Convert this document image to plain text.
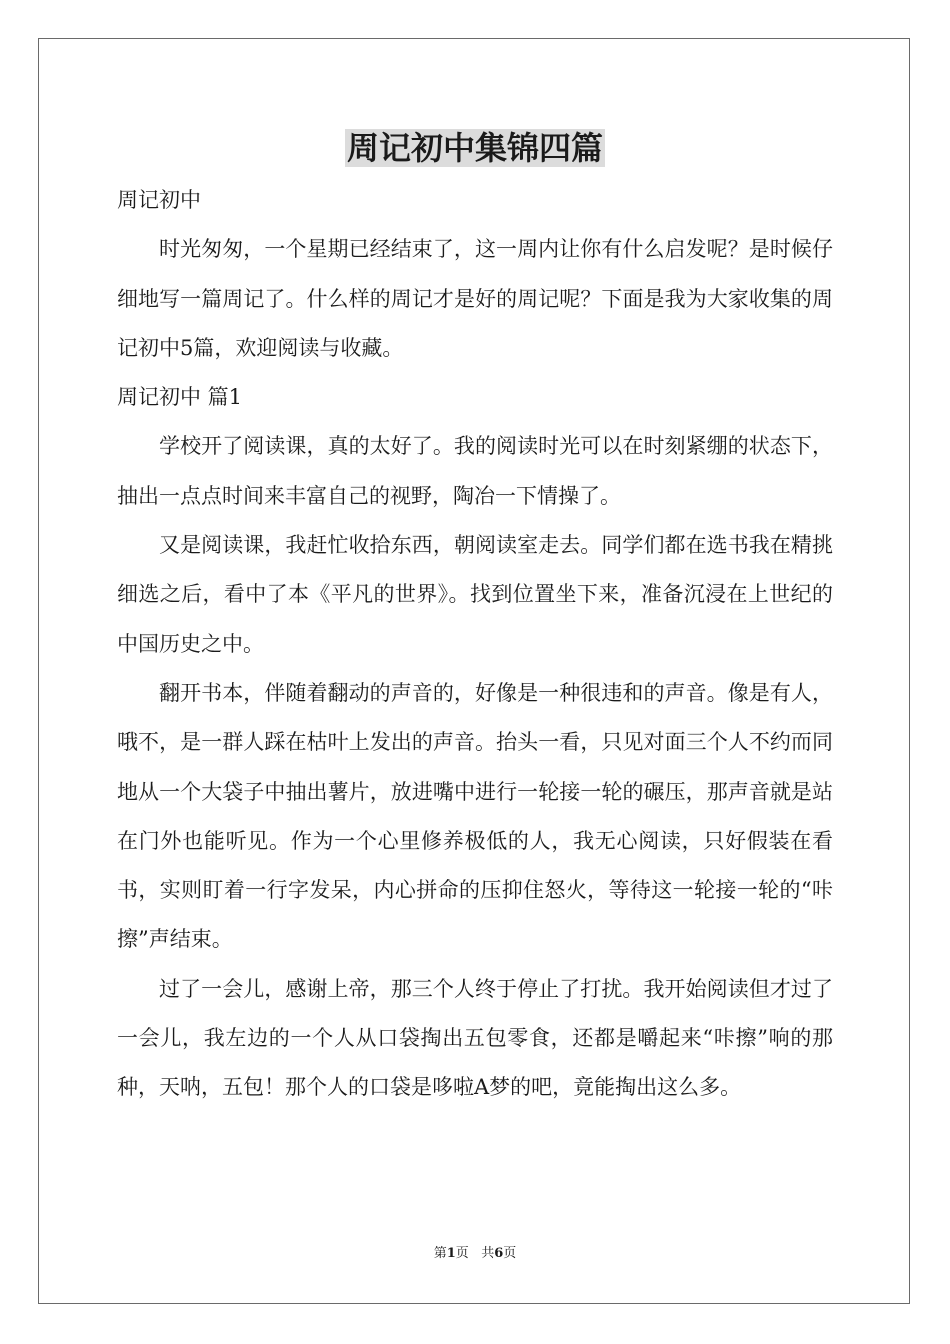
周记初中集锦四篇

周记初中

时光匆匆，一个星期已经结束了，这一周内让你有什么启发呢？是时候仔细地写一篇周记了。什么样的周记才是好的周记呢？下面是我为大家收集的周记初中5篇，欢迎阅读与收藏。

周记初中 篇1

学校开了阅读课，真的太好了。我的阅读时光可以在时刻紧绷的状态下，抽出一点点时间来丰富自己的视野，陶冶一下情操了。

又是阅读课，我赶忙收拾东西，朝阅读室走去。同学们都在选书我在精挑细选之后，看中了本《平凡的世界》。找到位置坐下来，准备沉浸在上世纪的中国历史之中。

翻开书本，伴随着翻动的声音的，好像是一种很违和的声音。像是有人，哦不，是一群人踩在枯叶上发出的声音。抬头一看，只见对面三个人不约而同地从一个大袋子中抽出薯片，放进嘴中进行一轮接一轮的碾压，那声音就是站在门外也能听见。作为一个心里修养极低的人，我无心阅读，只好假装在看书，实则盯着一行字发呆，内心拼命的压抑住怒火，等待这一轮接一轮的“咔擦”声结束。

过了一会儿，感谢上帝，那三个人终于停止了打扰。我开始阅读但才过了一会儿，我左边的一个人从口袋掏出五包零食，还都是嚼起来“咔擦”响的那种，天呐，五包！那个人的口袋是哆啦A梦的吧，竟能掏出这么多。

第1页 共6页
